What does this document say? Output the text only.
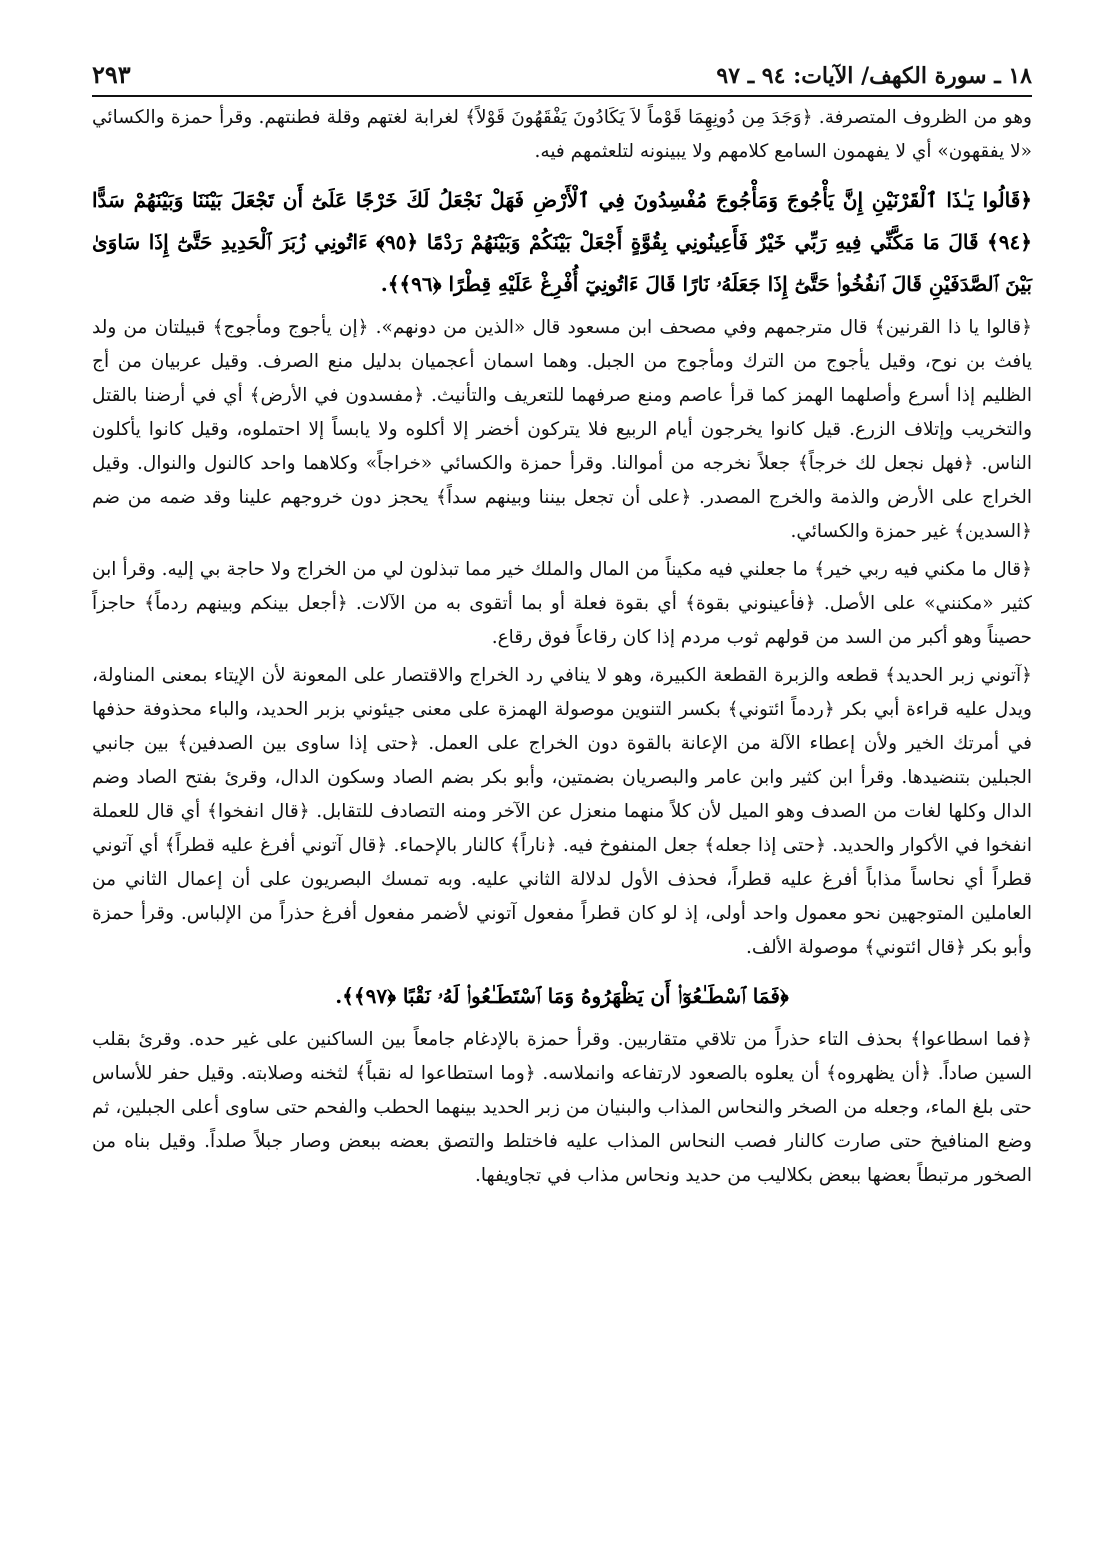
١٨ ـ سورة الكهف/ الآيات: ٩٤ ـ ٩٧
٢٩٣

وهو من الظروف المتصرفة. ﴿وَجَدَ مِن دُونِهِمَا قَوْماً لاَ يَكَادُونَ يَفْقَهُونَ قَوْلاً﴾ لغرابة لغتهم وقلة فطنتهم. وقرأ حمزة والكسائي «لا يفقهون» أي لا يفهمون السامع كلامهم ولا يبينونه لتلعثمهم فيه.

﴿قَالُوا يَـٰذَا ٱلْقَرْنَيْنِ إِنَّ يَأْجُوجَ وَمَأْجُوجَ مُفْسِدُونَ فِي ٱلْأَرْضِ فَهَلْ نَجْعَلُ لَكَ خَرْجًا عَلَىٰٓ أَن تَجْعَلَ بَيْنَنَا وَبَيْنَهُمْ سَدًّا ﴿٩٤﴾ قَالَ مَا مَكَّنِّي فِيهِ رَبِّي خَيْرٌ فَأَعِينُونِي بِقُوَّةٍ أَجْعَلْ بَيْنَكُمْ وَبَيْنَهُمْ رَدْمًا ﴿٩٥﴾ ءَاتُونِي زُبَرَ ٱلْحَدِيدِ حَتَّىٰٓ إِذَا سَاوَىٰ بَيْنَ ٱلصَّدَفَيْنِ قَالَ ٱنفُخُوا۟ حَتَّىٰٓ إِذَا جَعَلَهُۥ نَارًا قَالَ ءَاتُونِيٓ أُفْرِغْ عَلَيْهِ قِطْرًا ﴿٩٦﴾﴾.

﴿قالوا يا ذا القرنين﴾ قال مترجمهم وفي مصحف ابن مسعود قال «الذين من دونهم». ﴿إن يأجوج ومأجوج﴾ قبيلتان من ولد يافث بن نوح، وقيل يأجوج من الترك ومأجوج من الجبل. وهما اسمان أعجميان بدليل منع الصرف. وقيل عربيان من أج الظليم إذا أسرع وأصلهما الهمز كما قرأ عاصم ومنع صرفهما للتعريف والتأنيث. ﴿مفسدون في الأرض﴾ أي في أرضنا بالقتل والتخريب وإتلاف الزرع. قيل كانوا يخرجون أيام الربيع فلا يتركون أخضر إلا أكلوه ولا يابساً إلا احتملوه، وقيل كانوا يأكلون الناس. ﴿فهل نجعل لك خرجاً﴾ جعلاً نخرجه من أموالنا. وقرأ حمزة والكسائي «خراجاً» وكلاهما واحد كالنول والنوال. وقيل الخراج على الأرض والذمة والخرج المصدر. ﴿على أن تجعل بيننا وبينهم سداً﴾ يحجز دون خروجهم علينا وقد ضمه من ضم ﴿السدين﴾ غير حمزة والكسائي.

﴿قال ما مكني فيه ربي خير﴾ ما جعلني فيه مكيناً من المال والملك خير مما تبذلون لي من الخراج ولا حاجة بي إليه. وقرأ ابن كثير «مكنني» على الأصل. ﴿فأعينوني بقوة﴾ أي بقوة فعلة أو بما أتقوى به من الآلات. ﴿أجعل بينكم وبينهم ردماً﴾ حاجزاً حصيناً وهو أكبر من السد من قولهم ثوب مردم إذا كان رقاعاً فوق رقاع.

﴿آتوني زبر الحديد﴾ قطعه والزبرة القطعة الكبيرة، وهو لا ينافي رد الخراج والاقتصار على المعونة لأن الإيتاء بمعنى المناولة، ويدل عليه قراءة أبي بكر ﴿ردماً ائتوني﴾ بكسر التنوين موصولة الهمزة على معنى جيئوني بزبر الحديد، والباء محذوفة حذفها في أمرتك الخير ولأن إعطاء الآلة من الإعانة بالقوة دون الخراج على العمل. ﴿حتى إذا ساوى بين الصدفين﴾ بين جانبي الجبلين بتنضيدها. وقرأ ابن كثير وابن عامر والبصريان بضمتين، وأبو بكر بضم الصاد وسكون الدال، وقرئ بفتح الصاد وضم الدال وكلها لغات من الصدف وهو الميل لأن كلاً منهما منعزل عن الآخر ومنه التصادف للتقابل. ﴿قال انفخوا﴾ أي قال للعملة انفخوا في الأكوار والحديد. ﴿حتى إذا جعله﴾ جعل المنفوخ فيه. ﴿ناراً﴾ كالنار بالإحماء. ﴿قال آتوني أفرغ عليه قطراً﴾ أي آتوني قطراً أي نحاساً مذاباً أفرغ عليه قطراً، فحذف الأول لدلالة الثاني عليه. وبه تمسك البصريون على أن إعمال الثاني من العاملين المتوجهين نحو معمول واحد أولى، إذ لو كان قطراً مفعول آتوني لأضمر مفعول أفرغ حذراً من الإلباس. وقرأ حمزة وأبو بكر ﴿قال ائتوني﴾ موصولة الألف.

﴿فَمَا ٱسْطَـٰعُوٓا۟ أَن يَظْهَرُوهُ وَمَا ٱسْتَطَـٰعُوا۟ لَهُۥ نَقْبًا ﴿٩٧﴾﴾.

﴿فما اسطاعوا﴾ بحذف التاء حذراً من تلاقي متقاربين. وقرأ حمزة بالإدغام جامعاً بين الساكنين على غير حده. وقرئ بقلب السين صاداً. ﴿أن يظهروه﴾ أن يعلوه بالصعود لارتفاعه وانملاسه. ﴿وما استطاعوا له نقباً﴾ لثخنه وصلابته. وقيل حفر للأساس حتى بلغ الماء، وجعله من الصخر والنحاس المذاب والبنيان من زبر الحديد بينهما الحطب والفحم حتى ساوى أعلى الجبلين، ثم وضع المنافيخ حتى صارت كالنار فصب النحاس المذاب عليه فاختلط والتصق بعضه ببعض وصار جبلاً صلداً. وقيل بناه من الصخور مرتبطاً بعضها ببعض بكلاليب من حديد ونحاس مذاب في تجاويفها.
